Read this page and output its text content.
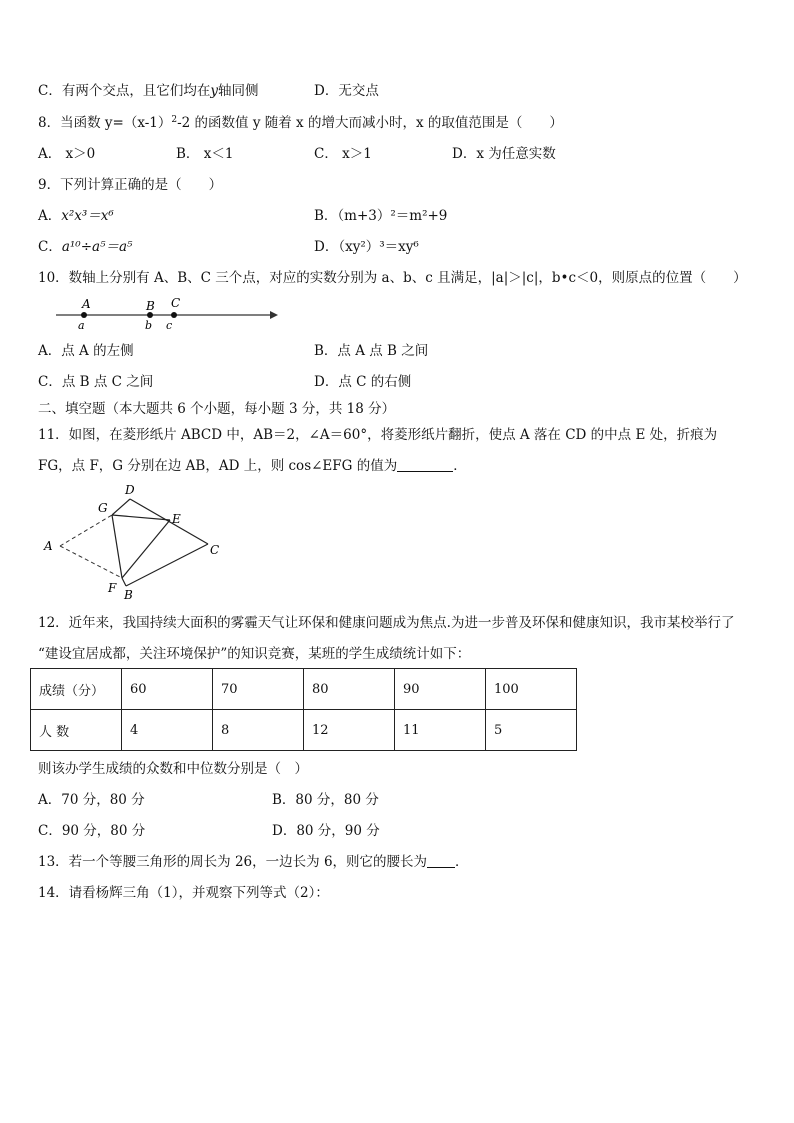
C．有两个交点，且它们均在y轴同侧	D．无交点
8．当函数 $y=(x-1)^2-2$ 的函数值 y 随着 x 的增大而减小时，x 的取值范围是（　　）
A． x＞0	B． x＜1	C． x＞1	D．x 为任意实数
9．下列计算正确的是（　　）
A．x²x³＝x⁶	B．（m+3）²＝m²+9
C．a¹⁰÷a⁵＝a⁵	D．（xy²）³＝xy⁶
10．数轴上分别有 A、B、C 三个点，对应的实数分别为 a、b、c 且满足，|a|＞|c|，b•c＜0，则原点的位置（　　）
A	B C
a	b c
A．点 A 的左侧	B．点 A 点 B 之间
C．点 B 点 C 之间	D．点 C 的右侧
二、填空题（本大题共 6 个小题，每小题 3 分，共 18 分）
11．如图，在菱形纸片 ABCD 中，AB＝2，∠A＝60°，将菱形纸片翻折，使点 A 落在 CD 的中点 E 处，折痕为
FG，点 F，G 分别在边 AB，AD 上，则 cos∠EFG 的值为	．
D
G
E
A	C
F B
12．近年来，我国持续大面积的雾霾天气让环保和健康问题成为焦点.为进一步普及环保和健康知识，我市某校举行了
“建设宜居成都，关注环境保护”的知识竞赛，某班的学生成绩统计如下：
成绩（分）	60	70	80	90	100
人 数	4	8	12	11	5
则该办学生成绩的众数和中位数分别是（　）
A．70 分，80 分	B．80 分，80 分
C．90 分，80 分	D．80 分，90 分
13．若一个等腰三角形的周长为 26，一边长为 6，则它的腰长为 ．
14．请看杨辉三角（1），并观察下列等式（2）：
